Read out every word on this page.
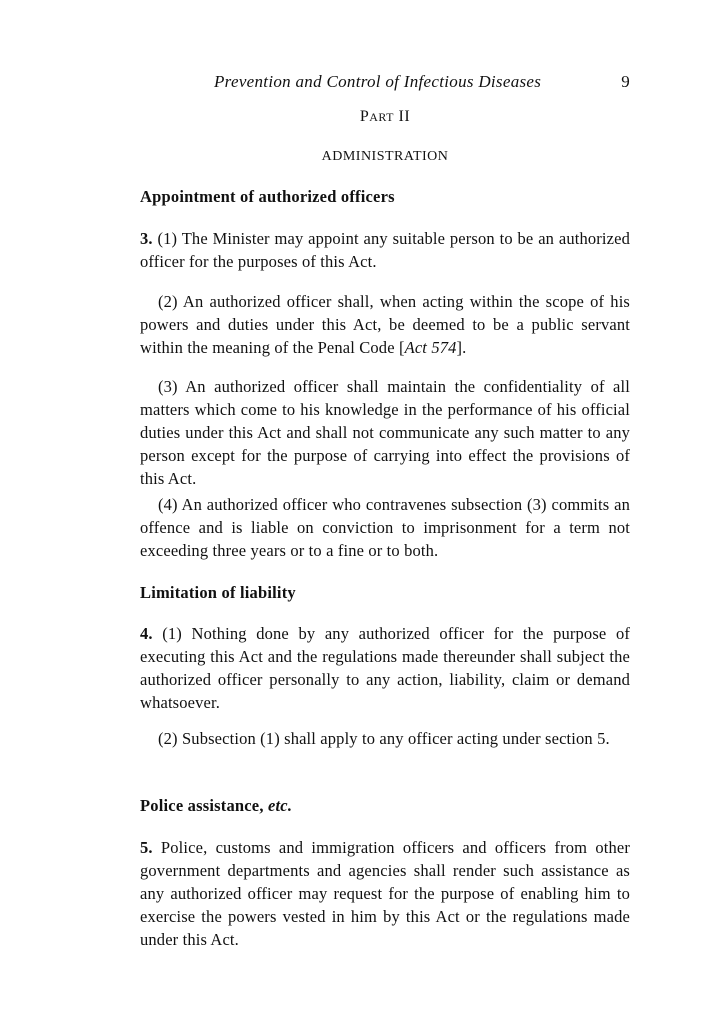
Prevention and Control of Infectious Diseases	9
PART II
ADMINISTRATION
Appointment of authorized officers
3. (1) The Minister may appoint any suitable person to be an authorized officer for the purposes of this Act.
(2) An authorized officer shall, when acting within the scope of his powers and duties under this Act, be deemed to be a public servant within the meaning of the Penal Code [Act 574].
(3) An authorized officer shall maintain the confidentiality of all matters which come to his knowledge in the performance of his official duties under this Act and shall not communicate any such matter to any person except for the purpose of carrying into effect the provisions of this Act.
(4) An authorized officer who contravenes subsection (3) commits an offence and is liable on conviction to imprisonment for a term not exceeding three years or to a fine or to both.
Limitation of liability
4. (1) Nothing done by any authorized officer for the purpose of executing this Act and the regulations made thereunder shall subject the authorized officer personally to any action, liability, claim or demand whatsoever.
(2) Subsection (1) shall apply to any officer acting under section 5.
Police assistance, etc.
5. Police, customs and immigration officers and officers from other government departments and agencies shall render such assistance as any authorized officer may request for the purpose of enabling him to exercise the powers vested in him by this Act or the regulations made under this Act.
